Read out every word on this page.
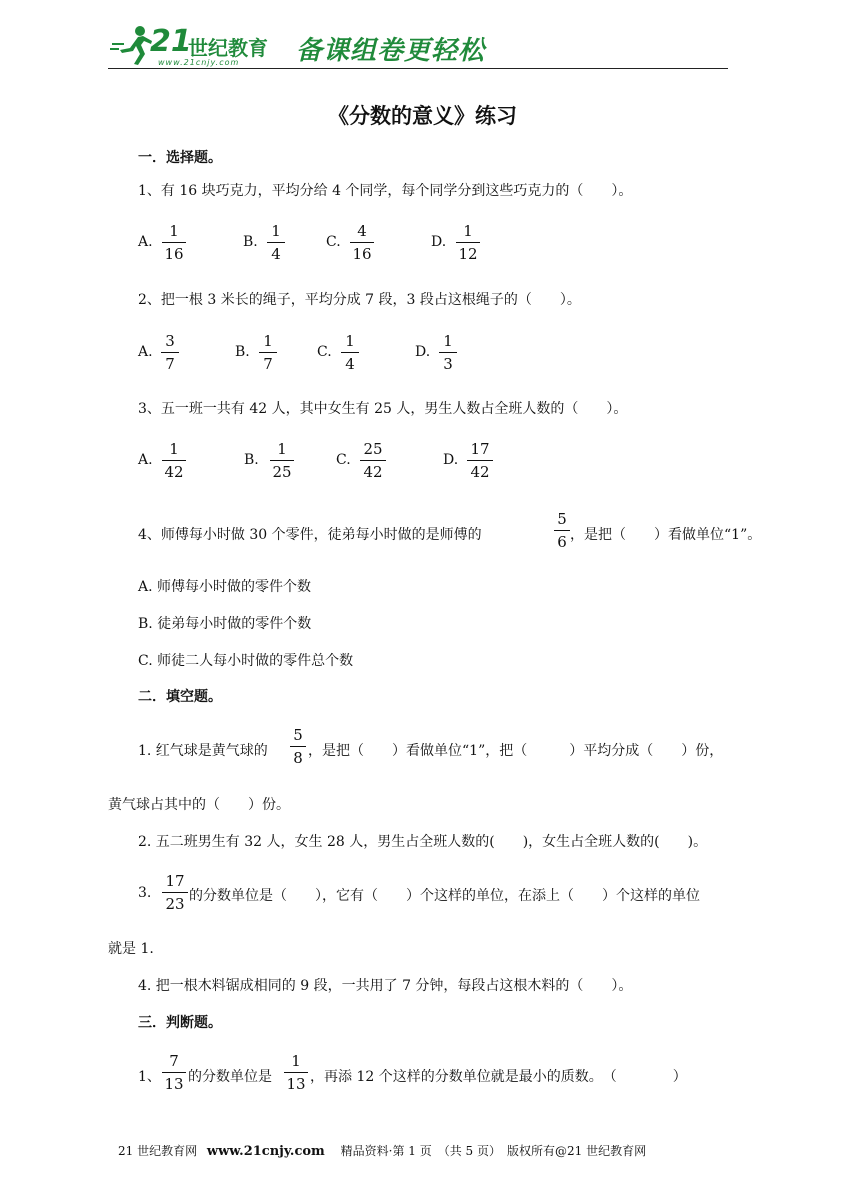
21
世纪教育
www.21cnjy.com 备课组卷更轻松
《分数的意义》练习
一．选择题。
1、有 16 块巧克力，平均分给 4 个同学，每个同学分到这些巧克力的（　　）。
A.
1
16
B.
1
4
C.
4
16
D.
1
12
2、把一根 3 米长的绳子，平均分成 7 段，3 段占这根绳子的（　　）。
A.
3
7
B.
1
7
C.
1
4
D.
1
3
3、五一班一共有 42 人，其中女生有 25 人，男生人数占全班人数的（　　）。
A.
1
42
B.
1
25
C.
25
42
D.
17
42
4、师傅每小时做 30 个零件，徒弟每小时做的是师傅的
5
6 ，是把（　　）看做单位“1”。
A. 师傅每小时做的零件个数
B. 徒弟每小时做的零件个数
C. 师徒二人每小时做的零件总个数
二．填空题。
1. 红气球是黄气球的
5
8 ，是把（　　）看做单位“1”，把（　　　）平均分成（　　）份，
黄气球占其中的（　　）份。
2. 五二班男生有 32 人，女生 28 人，男生占全班人数的(　　)，女生占全班人数的(　　)。
3.
17
23 的分数单位是（　　），它有（　　）个这样的单位，在添上（　　）个这样的单位
就是 1.
4. 把一根木料锯成相同的 9 段，一共用了 7 分钟，每段占这根木料的（　　）。
三．判断题。
1、
7
13 的分数单位是
1
13 ，再添 12 个这样的分数单位就是最小的质数。　（　　　　）
21 世纪教育网 www.21cnjy.com 　精品资料·第 1 页　（共 5 页）　版权所有@21 世纪教育网
